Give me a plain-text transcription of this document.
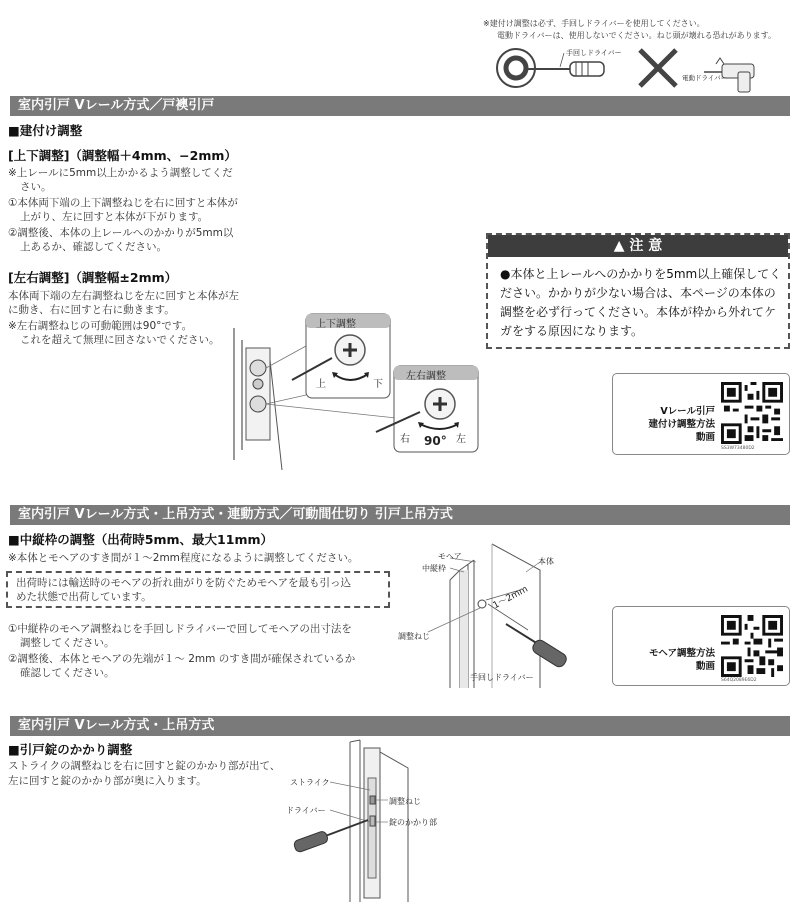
※建付け調整は必ず、手回しドライバーを使用してください。
電動ドライバーは、使用しないでください。ねじ頭が壊れる恐れがあります。
手回しドライバー
電動ドライバー
室内引戸 Vレール方式／戸襖引戸
■建付け調整
[上下調整]（調整幅＋4mm、−2mm）
※上レールに5mm以上かかるよう調整してくだ
さい。
①本体両下端の上下調整ねじを右に回すと本体が
上がり、左に回すと本体が下がります。
②調整後、本体の上レールへのかかりが5mm以
上あるか、確認してください。
[左右調整]（調整幅±2mm）
本体両下端の左右調整ねじを左に回すと本体が左
に動き、右に回すと右に動きます。
※左右調整ねじの可動範囲は90°です。
これを超えて無理に回さないでください。
上下調整
上	下
左右調整
右	左
90°
▲ 注 意
●本体と上レールへのかかりを5mm以上確保してください。かかりが少ない場合は、本ページの本体の調整を必ず行ってください。本体が枠から外れてケガをする原因になります。
Vレール引戸
建付け調整方法
動画
SS3W73480D2
室内引戸 Vレール方式・上吊方式・連動方式／可動間仕切り 引戸上吊方式
■中縦枠の調整（出荷時5mm、最大11mm）
※本体とモヘアのすき間が１～2mm程度になるように調整してください。
出荷時には輸送時のモヘアの折れ曲がりを防ぐためモヘアを最も引っ込
めた状態で出荷しています。
①中縦枠のモヘア調整ねじを手回しドライバーで回してモヘアの出寸法を
調整してください。
②調整後、本体とモヘアの先端が１～ 2mm のすき間が確保されているか
確認してください。
モヘア
中縦枠
本体
1〜2mm
調整ねじ
手回しドライバー
モヘア調整方法
動画
S64Q2089E6D2
室内引戸 Vレール方式・上吊方式
■引戸錠のかかり調整
ストライクの調整ねじを右に回すと錠のかかり部が出て、
左に回すと錠のかかり部が奥に入ります。	ストライク
ドライバー
調整ねじ
錠のかかり部
